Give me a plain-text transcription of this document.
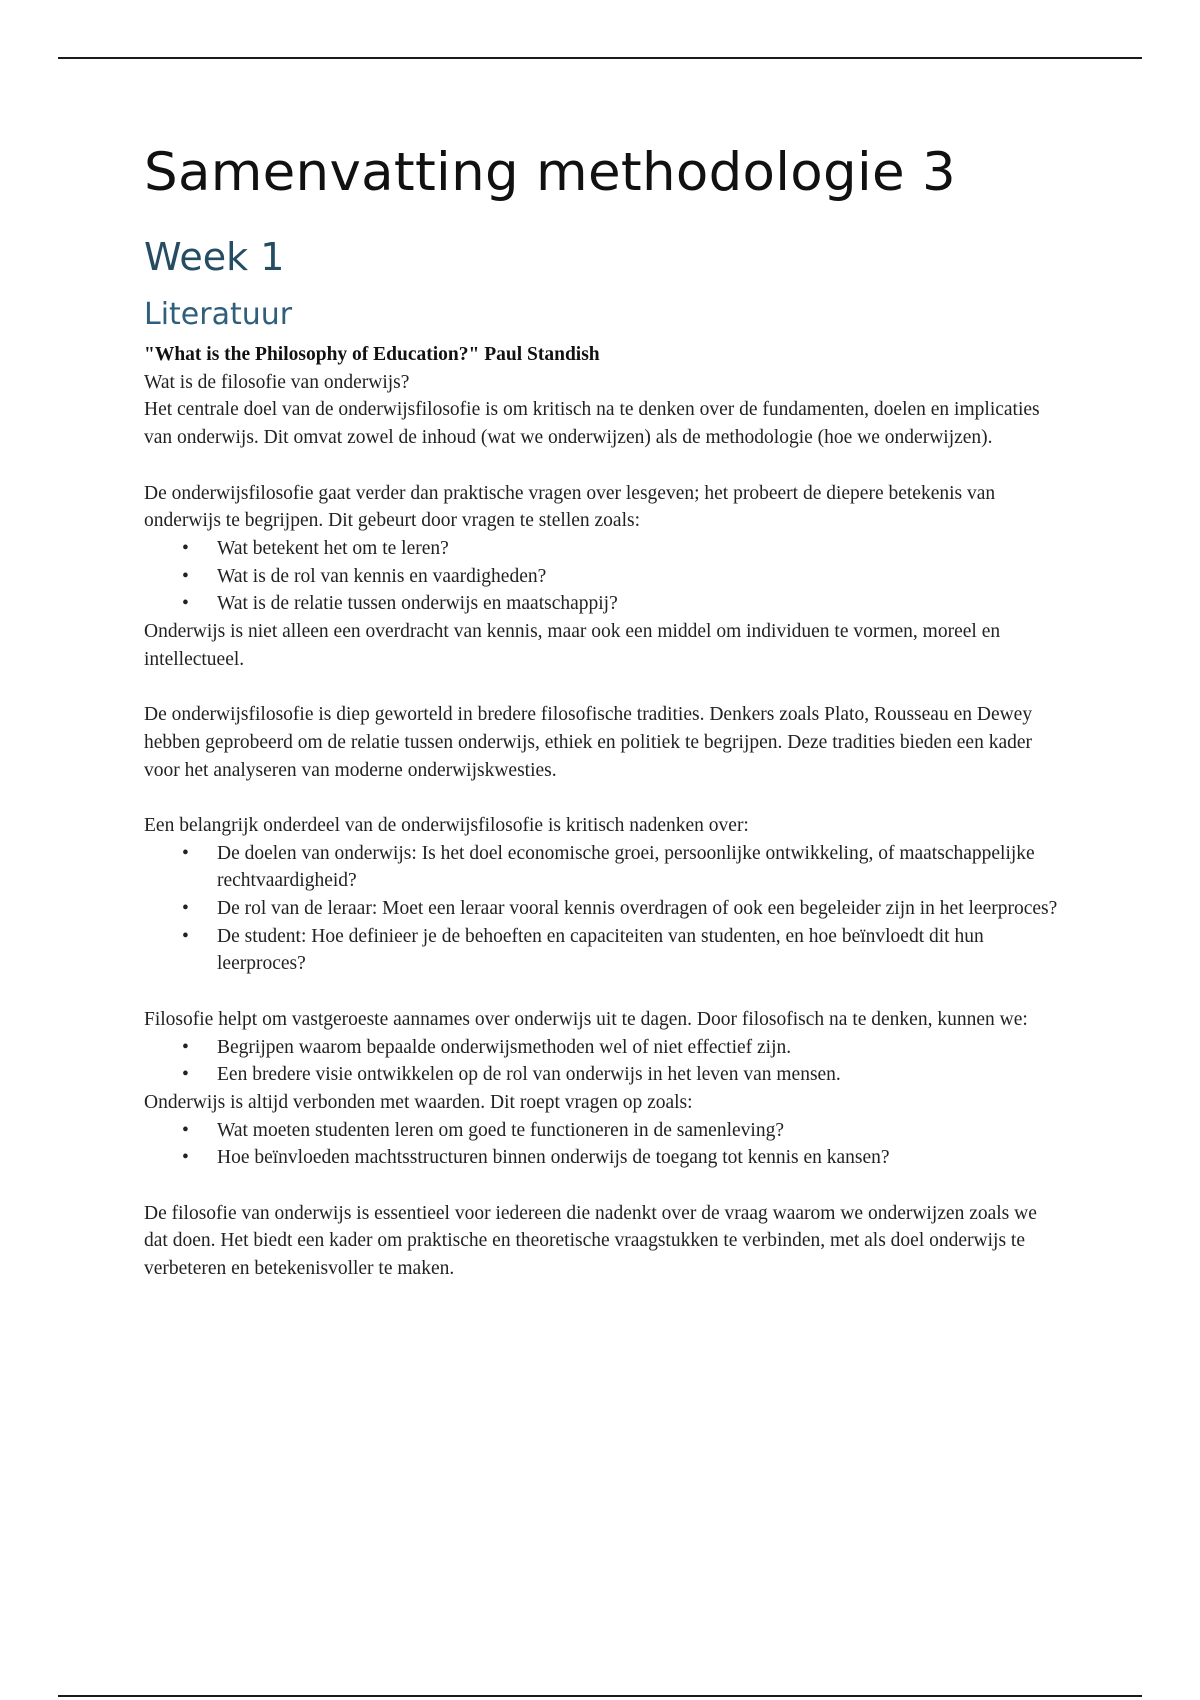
Samenvatting methodologie 3
Week 1
Literatuur

"What is the Philosophy of Education?" Paul Standish

Wat is de filosofie van onderwijs?

Het centrale doel van de onderwijsfilosofie is om kritisch na te denken over de fundamenten, doelen en implicaties van onderwijs. Dit omvat zowel de inhoud (wat we onderwijzen) als de methodologie (hoe we onderwijzen).

De onderwijsfilosofie gaat verder dan praktische vragen over lesgeven; het probeert de diepere betekenis van onderwijs te begrijpen. Dit gebeurt door vragen te stellen zoals:

• Wat betekent het om te leren?
• Wat is de rol van kennis en vaardigheden?
• Wat is de relatie tussen onderwijs en maatschappij?

Onderwijs is niet alleen een overdracht van kennis, maar ook een middel om individuen te vormen, moreel en intellectueel.

De onderwijsfilosofie is diep geworteld in bredere filosofische tradities. Denkers zoals Plato, Rousseau en Dewey hebben geprobeerd om de relatie tussen onderwijs, ethiek en politiek te begrijpen. Deze tradities bieden een kader voor het analyseren van moderne onderwijskwesties.

Een belangrijk onderdeel van de onderwijsfilosofie is kritisch nadenken over:

• De doelen van onderwijs: Is het doel economische groei, persoonlijke ontwikkeling, of maatschappelijke rechtvaardigheid?
• De rol van de leraar: Moet een leraar vooral kennis overdragen of ook een begeleider zijn in het leerproces?
• De student: Hoe definieer je de behoeften en capaciteiten van studenten, en hoe beïnvloedt dit hun leerproces?

Filosofie helpt om vastgeroeste aannames over onderwijs uit te dagen. Door filosofisch na te denken, kunnen we:

• Begrijpen waarom bepaalde onderwijsmethoden wel of niet effectief zijn.
• Een bredere visie ontwikkelen op de rol van onderwijs in het leven van mensen.

Onderwijs is altijd verbonden met waarden. Dit roept vragen op zoals:

• Wat moeten studenten leren om goed te functioneren in de samenleving?
• Hoe beïnvloeden machtsstructuren binnen onderwijs de toegang tot kennis en kansen?

De filosofie van onderwijs is essentieel voor iedereen die nadenkt over de vraag waarom we onderwijzen zoals we dat doen. Het biedt een kader om praktische en theoretische vraagstukken te verbinden, met als doel onderwijs te verbeteren en betekenisvoller te maken.
